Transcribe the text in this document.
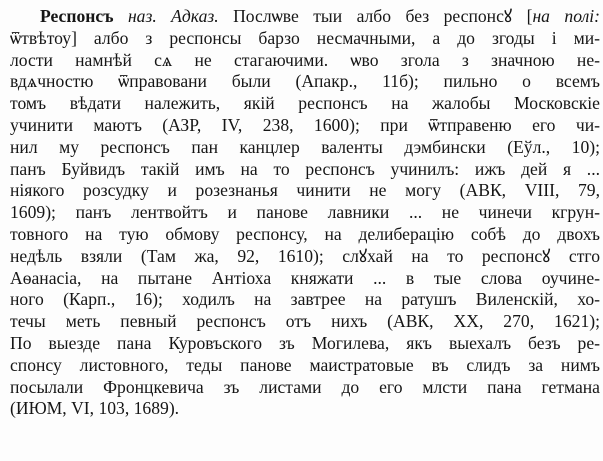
Респонсъ наз. Адказ. Послѡве тыи албо без респонсꙋ [на полі:
ѿтвѣтоу] албо з респонсы барзо несмачными, а до згоды і ми-
лости намнѣй сѧ не стагаючими. ѡво зголa з значною не-
вдѧчностю ѿправовани были (Апакр., 11б); пильно о всемъ
томъ вѣдати належить, якій респонсъ на жалобы Московскіе
учинити маютъ (АЗР, IV, 238, 1600); при ѿтправеню его чи-
нил му респонсъ пан канцлер валенты дэмбински (Еўл., 10);
панъ Буйвидъ такій имъ на то респонсъ учинилъ: ижъ дей я ...
ніякого розсудку и розезнанья чинити не могу (АВК, VIII, 79,
1609); панъ лентвойтъ и панове лавники ... не чинечи кгрун-
товного на тую обмову респонсу, на делиберацію собѣ до двохъ
недѣль взяли (Там жа, 92, 1610); слꙋхай на то респонсꙋ стго
Аѳанасіа, на пытане Антіоха княжати ... в тые слова оучинe-
ного (Карп., 16); ходилъ на завтрее на ратушъ Виленскій, хо-
течы меть певный респонсъ отъ нихъ (АВК, XX, 270, 1621);
По выезде пана Куровъского зъ Могилева, якъ выехалъ безъ ре-
спонсу листовного, теды панове маистратовые въ слидъ за нимъ
посылали Фронцкевича зъ листами до его млсти пана гетмана
(ИЮМ, VI, 103, 1689).
